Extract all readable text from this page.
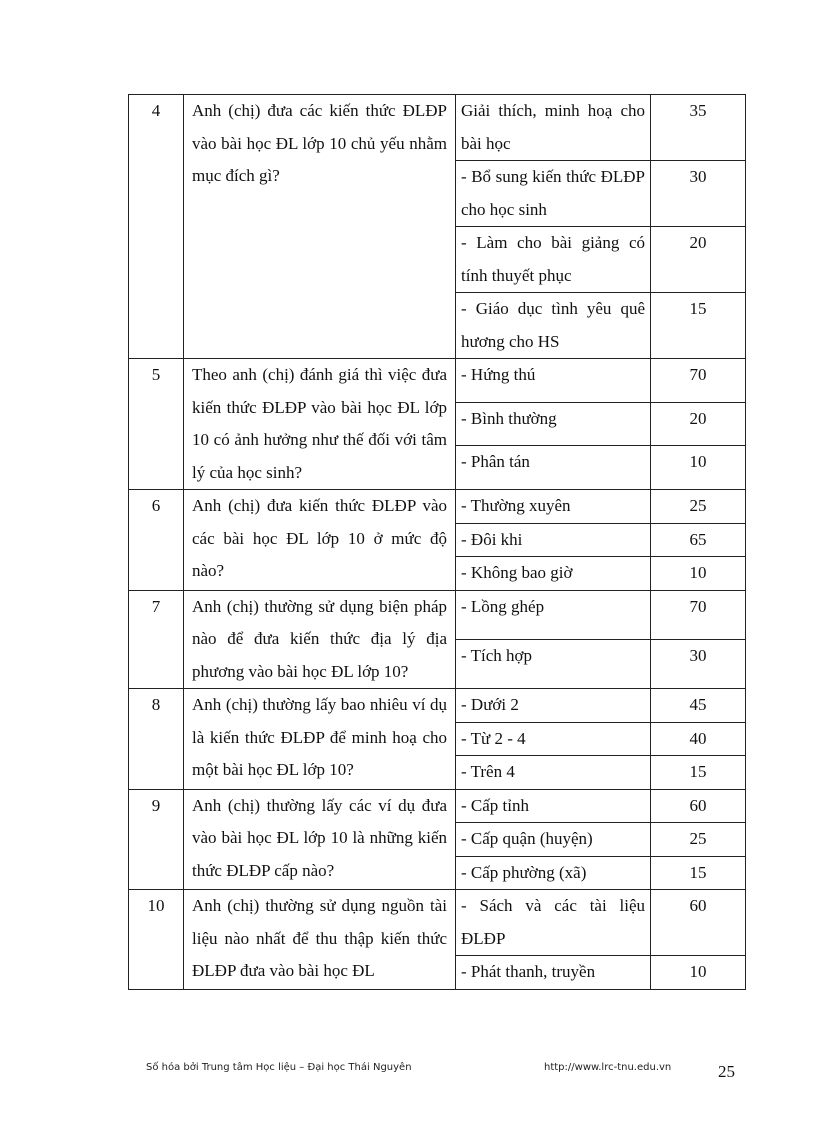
4	Anh (chị) đưa các kiến thức ĐLĐP vào bài học ĐL lớp 10 chủ yếu nhằm mục đích gì?	Giải thích, minh hoạ cho bài học	35
		- Bổ sung kiến thức ĐLĐP cho học sinh	30
		- Làm cho bài giảng có tính thuyết phục	20
		- Giáo dục tình yêu quê hương cho HS	15
5	Theo anh (chị) đánh giá thì việc đưa kiến thức ĐLĐP vào bài học ĐL lớp 10 có ảnh hưởng như thế đối với tâm lý của học sinh?	- Hứng thú	70
		- Bình thường	20
		- Phân tán	10
6	Anh (chị) đưa kiến thức ĐLĐP vào các bài học ĐL lớp 10 ở mức độ nào?	- Thường xuyên	25
		- Đôi khi	65
		- Không bao giờ	10
7	Anh (chị) thường sử dụng biện pháp nào để đưa kiến thức địa lý địa phương vào bài học ĐL lớp 10?	- Lồng ghép	70
		- Tích hợp	30
8	Anh (chị) thường lấy bao nhiêu ví dụ là kiến thức ĐLĐP để minh hoạ cho một bài học ĐL lớp 10?	- Dưới 2	45
		- Từ 2 - 4	40
		- Trên 4	15
9	Anh (chị) thường lấy các ví dụ đưa vào bài học ĐL lớp 10 là những kiến thức ĐLĐP cấp nào?	- Cấp tỉnh	60
		- Cấp quận (huyện)	25
		- Cấp phường (xã)	15
10	Anh (chị) thường sử dụng nguồn tài liệu nào nhất để thu thập kiến thức ĐLĐP đưa vào bài học ĐL	- Sách và các tài liệu ĐLĐP	60
		- Phát thanh, truyền	10
Số hóa bởi Trung tâm Học liệu – Đại học Thái Nguyên	http://www.lrc-tnu.edu.vn	25
